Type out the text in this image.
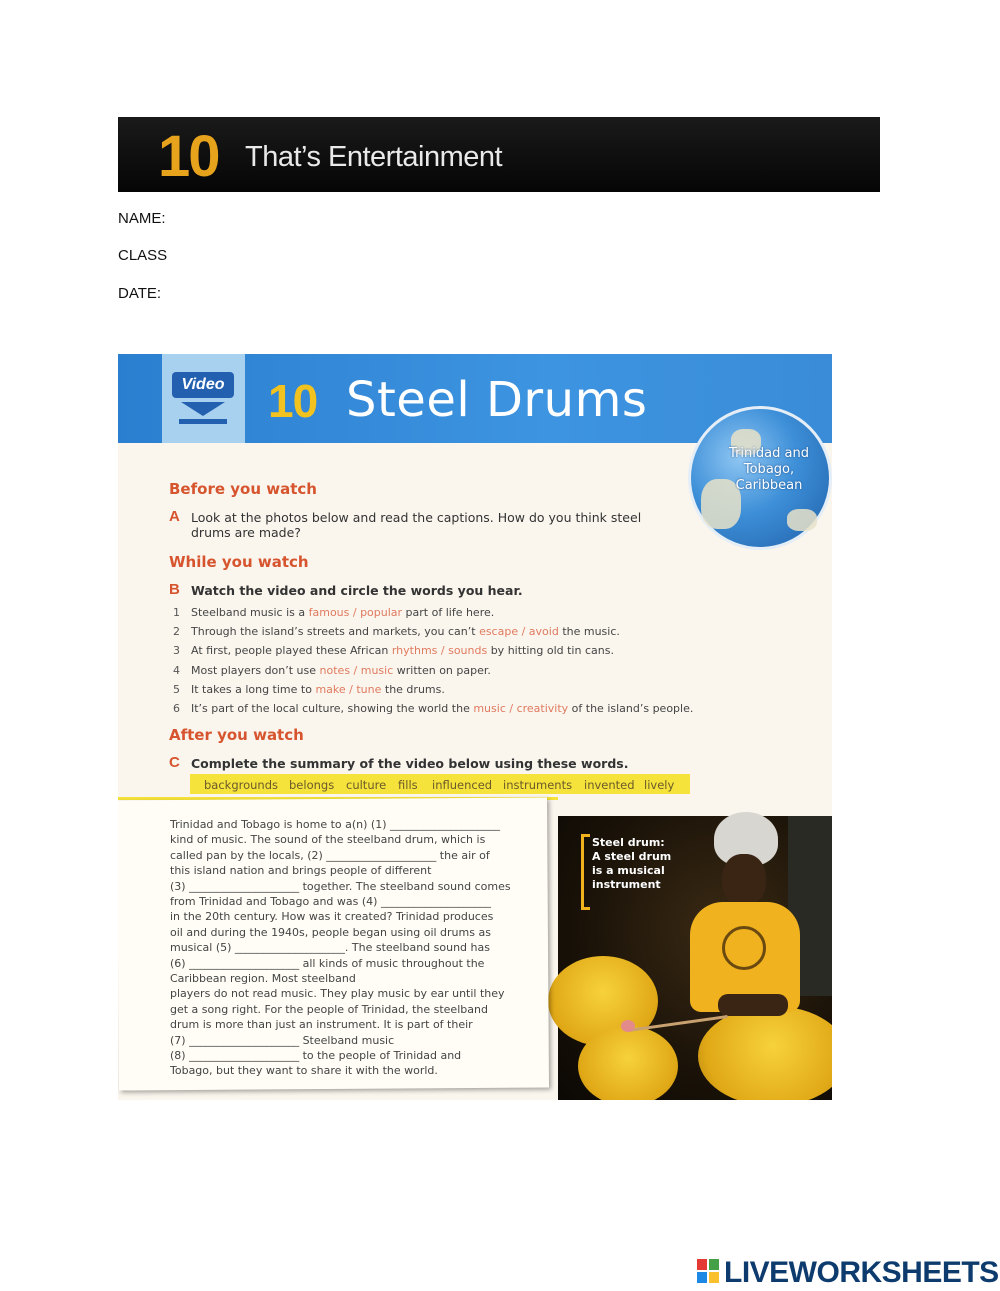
10 That’s Entertainment
NAME:
CLASS
DATE:
Video 10 Steel Drums
Trinidad and Tobago, Caribbean
Before you watch
A Look at the photos below and read the captions. How do you think steel
drums are made?
While you watch
B Watch the video and circle the words you hear.
After you watch
C Complete the summary of the video below using these words.
backgrounds belongs culture fills influenced instruments invented lively
Steel drum:
A steel drum
is a musical
instrument
1 Steelband music is a famous / popular part of life here.
2 Through the island’s streets and markets, you can’t escape / avoid the music.
3 At first, people played these African rhythms / sounds by hitting old tin cans.
4 Most players don’t use notes / music written on paper.
5 It takes a long time to make / tune the drums.
6 It’s part of the local culture, showing the world the music / creativity of the island’s people.
Trinidad and Tobago is home to a(n) (1) ____________________
kind of music. The sound of the steelband drum, which is
called pan by the locals, (2) ____________________ the air of
this island nation and brings people of different
(3) ____________________ together. The steelband sound comes
from Trinidad and Tobago and was (4) ____________________
in the 20th century. How was it created? Trinidad produces
oil and during the 1940s, people began using oil drums as
musical (5) ____________________. The steelband sound has
(6) ____________________ all kinds of music throughout the
Caribbean region. Most steelband
players do not read music. They play music by ear until they
get a song right. For the people of Trinidad, the steelband
drum is more than just an instrument. It is part of their
(7) ____________________ Steelband music
(8) ____________________ to the people of Trinidad and
Tobago, but they want to share it with the world.
LIVEWORKSHEETS
